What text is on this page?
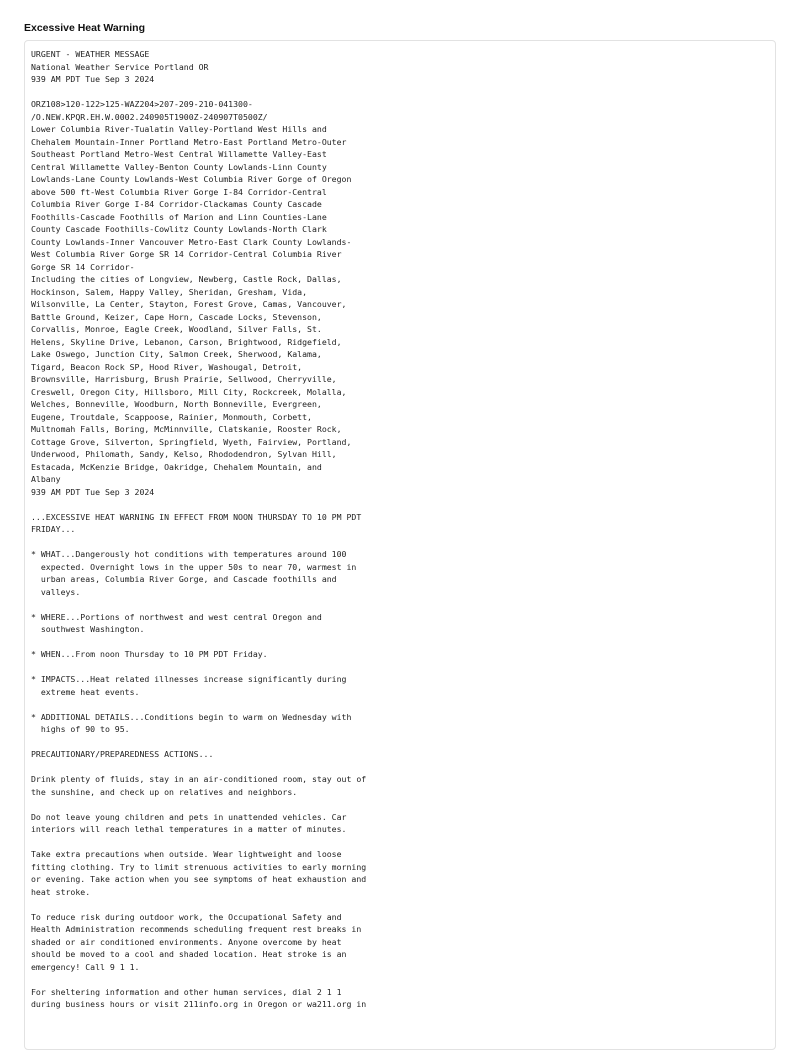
Excessive Heat Warning
URGENT - WEATHER MESSAGE
National Weather Service Portland OR
939 AM PDT Tue Sep 3 2024

ORZ108>120-122>125-WAZ204>207-209-210-041300-
/O.NEW.KPQR.EH.W.0002.240905T1900Z-240907T0500Z/
Lower Columbia River-Tualatin Valley-Portland West Hills and
Chehalem Mountain-Inner Portland Metro-East Portland Metro-Outer
Southeast Portland Metro-West Central Willamette Valley-East
Central Willamette Valley-Benton County Lowlands-Linn County
Lowlands-Lane County Lowlands-West Columbia River Gorge of Oregon
above 500 ft-West Columbia River Gorge I-84 Corridor-Central
Columbia River Gorge I-84 Corridor-Clackamas County Cascade
Foothills-Cascade Foothills of Marion and Linn Counties-Lane
County Cascade Foothills-Cowlitz County Lowlands-North Clark
County Lowlands-Inner Vancouver Metro-East Clark County Lowlands-
West Columbia River Gorge SR 14 Corridor-Central Columbia River
Gorge SR 14 Corridor-
Including the cities of Longview, Newberg, Castle Rock, Dallas,
Hockinson, Salem, Happy Valley, Sheridan, Gresham, Vida,
Wilsonville, La Center, Stayton, Forest Grove, Camas, Vancouver,
Battle Ground, Keizer, Cape Horn, Cascade Locks, Stevenson,
Corvallis, Monroe, Eagle Creek, Woodland, Silver Falls, St.
Helens, Skyline Drive, Lebanon, Carson, Brightwood, Ridgefield,
Lake Oswego, Junction City, Salmon Creek, Sherwood, Kalama,
Tigard, Beacon Rock SP, Hood River, Washougal, Detroit,
Brownsville, Harrisburg, Brush Prairie, Sellwood, Cherryville,
Creswell, Oregon City, Hillsboro, Mill City, Rockcreek, Molalla,
Welches, Bonneville, Woodburn, North Bonneville, Evergreen,
Eugene, Troutdale, Scappoose, Rainier, Monmouth, Corbett,
Multnomah Falls, Boring, McMinnville, Clatskanie, Rooster Rock,
Cottage Grove, Silverton, Springfield, Wyeth, Fairview, Portland,
Underwood, Philomath, Sandy, Kelso, Rhododendron, Sylvan Hill,
Estacada, McKenzie Bridge, Oakridge, Chehalem Mountain, and
Albany
939 AM PDT Tue Sep 3 2024

...EXCESSIVE HEAT WARNING IN EFFECT FROM NOON THURSDAY TO 10 PM PDT
FRIDAY...

* WHAT...Dangerously hot conditions with temperatures around 100
expected. Overnight lows in the upper 50s to near 70, warmest in
urban areas, Columbia River Gorge, and Cascade foothills and
valleys.

* WHERE...Portions of northwest and west central Oregon and
southwest Washington.

* WHEN...From noon Thursday to 10 PM PDT Friday.

* IMPACTS...Heat related illnesses increase significantly during
extreme heat events.

* ADDITIONAL DETAILS...Conditions begin to warm on Wednesday with
highs of 90 to 95.

PRECAUTIONARY/PREPAREDNESS ACTIONS...

Drink plenty of fluids, stay in an air-conditioned room, stay out of
the sunshine, and check up on relatives and neighbors.

Do not leave young children and pets in unattended vehicles. Car
interiors will reach lethal temperatures in a matter of minutes.

Take extra precautions when outside. Wear lightweight and loose
fitting clothing. Try to limit strenuous activities to early morning
or evening. Take action when you see symptoms of heat exhaustion and
heat stroke.

To reduce risk during outdoor work, the Occupational Safety and
Health Administration recommends scheduling frequent rest breaks in
shaded or air conditioned environments. Anyone overcome by heat
should be moved to a cool and shaded location. Heat stroke is an
emergency! Call 9 1 1.

For sheltering information and other human services, dial 2 1 1
during business hours or visit 211info.org in Oregon or wa211.org in
